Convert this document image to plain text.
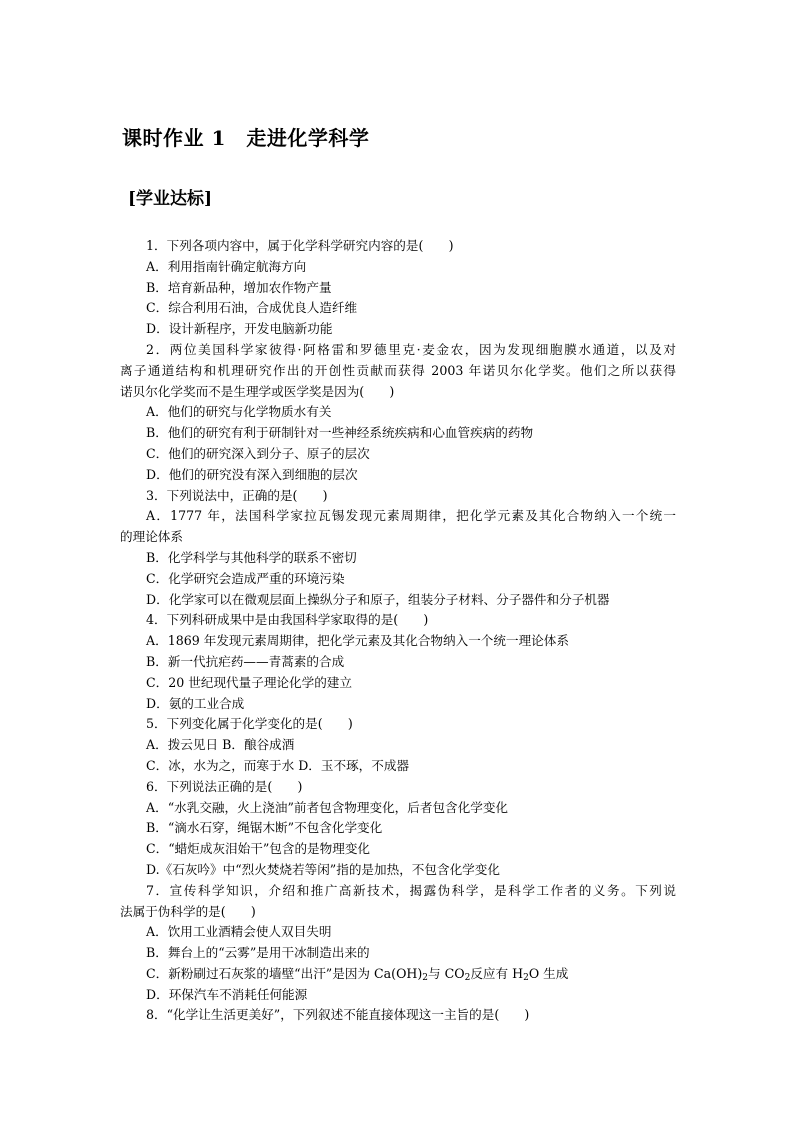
课时作业 1　走进化学科学
[学业达标]
1．下列各项内容中，属于化学科学研究内容的是(　　)
A．利用指南针确定航海方向
B．培育新品种，增加农作物产量
C．综合利用石油，合成优良人造纤维
D．设计新程序，开发电脑新功能
2．两位美国科学家彼得·阿格雷和罗德里克·麦金农，因为发现细胞膜水通道，以及对
离子通道结构和机理研究作出的开创性贡献而获得 2003 年诺贝尔化学奖。他们之所以获得
诺贝尔化学奖而不是生理学或医学奖是因为(　　)
A．他们的研究与化学物质水有关
B．他们的研究有利于研制针对一些神经系统疾病和心血管疾病的药物
C．他们的研究深入到分子、原子的层次
D．他们的研究没有深入到细胞的层次
3．下列说法中，正确的是(　　)
A．1777 年，法国科学家拉瓦锡发现元素周期律，把化学元素及其化合物纳入一个统一
的理论体系
B．化学科学与其他科学的联系不密切
C．化学研究会造成严重的环境污染
D．化学家可以在微观层面上操纵分子和原子，组装分子材料、分子器件和分子机器
4．下列科研成果中是由我国科学家取得的是(　　)
A．1869 年发现元素周期律，把化学元素及其化合物纳入一个统一理论体系
B．新一代抗疟药——青蒿素的合成
C．20 世纪现代量子理论化学的建立
D．氨的工业合成
5．下列变化属于化学变化的是(　　)
A．拨云见日 B．酿谷成酒
C．冰，水为之，而寒于水 D．玉不琢，不成器
6．下列说法正确的是(　　)
A．“水乳交融，火上浇油”前者包含物理变化，后者包含化学变化
B．“滴水石穿，绳锯木断”不包含化学变化
C．“蜡炬成灰泪始干”包含的是物理变化
D.《石灰吟》中“烈火焚烧若等闲”指的是加热，不包含化学变化
7．宣传科学知识，介绍和推广高新技术，揭露伪科学，是科学工作者的义务。下列说
法属于伪科学的是(　　)
A．饮用工业酒精会使人双目失明
B．舞台上的“云雾”是用干冰制造出来的
C．新粉刷过石灰浆的墙壁“出汗”是因为 $Ca(OH)_2$与 $CO_2$反应有 $H_2O$ 生成
D．环保汽车不消耗任何能源
8．“化学让生活更美好”，下列叙述不能直接体现这一主旨的是(　　)
